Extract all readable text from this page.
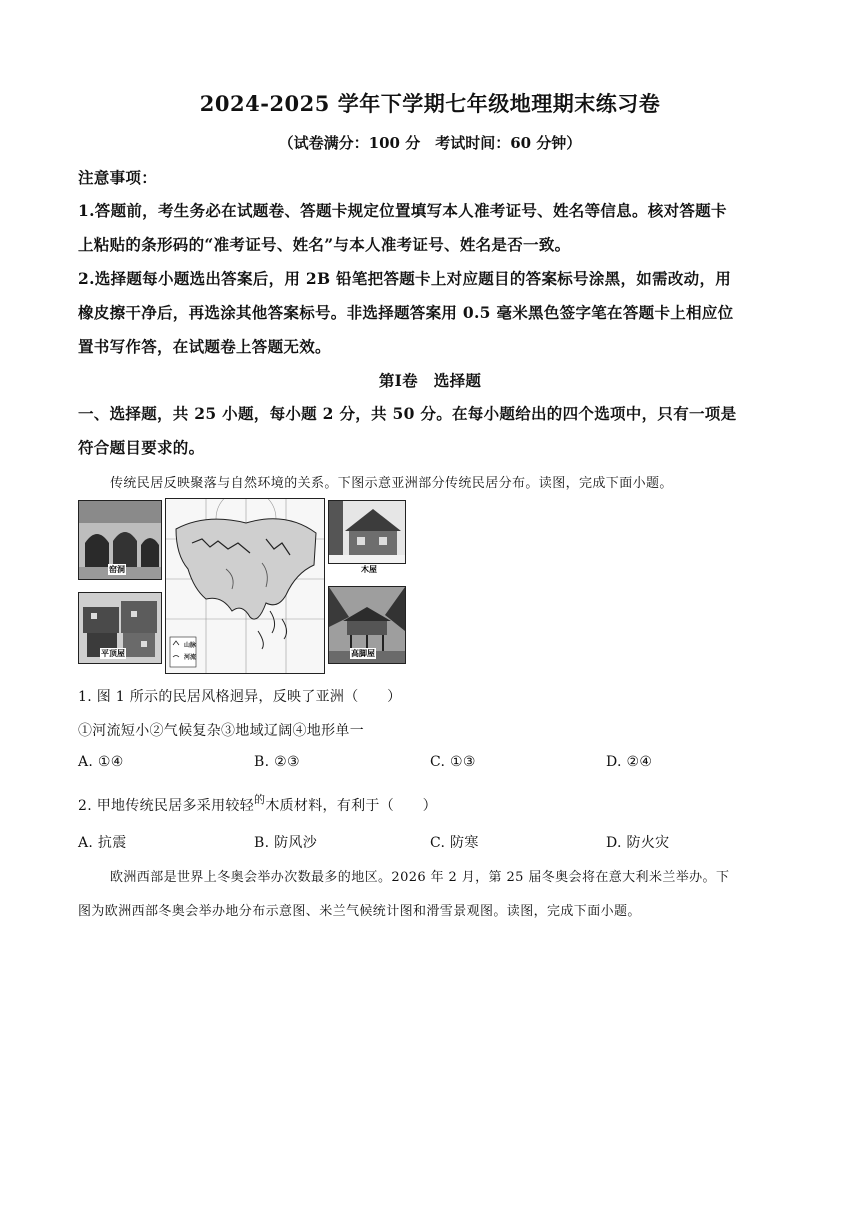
2024-2025 学年下学期七年级地理期末练习卷
（试卷满分：100 分　考试时间：60 分钟）
注意事项：
1.答题前，考生务必在试题卷、答题卡规定位置填写本人准考证号、姓名等信息。核对答题卡
上粘贴的条形码的“准考证号、姓名”与本人准考证号、姓名是否一致。
2.选择题每小题选出答案后，用 2B 铅笔把答题卡上对应题目的答案标号涂黑，如需改动，用
橡皮擦干净后，再选涂其他答案标号。非选择题答案用 0.5 毫米黑色签字笔在答题卡上相应位
置书写作答，在试题卷上答题无效。
第Ⅰ卷　选择题
一、选择题，共 25 小题，每小题 2 分，共 50 分。在每小题给出的四个选项中，只有一项是
符合题目要求的。
传统民居反映聚落与自然环境的关系。下图示意亚洲部分传统民居分布。读图，完成下面小题。
窑洞
平顶屋
山脉
河流
木屋
高脚屋
1. 图 1 所示的民居风格迥异，反映了亚洲（　　）
①河流短小②气候复杂③地域辽阔④地形单一
A. ①④	B. ②③	C. ①③	D. ②④
2. 甲地传统民居多采用较轻$^的$木质材料，有利于（　　）
A. 抗震	B. 防风沙	C. 防寒	D. 防火灾
欧洲西部是世界上冬奥会举办次数最多的地区。2026 年 2 月，第 25 届冬奥会将在意大利米兰举办。下
图为欧洲西部冬奥会举办地分布示意图、米兰气候统计图和滑雪景观图。读图，完成下面小题。
